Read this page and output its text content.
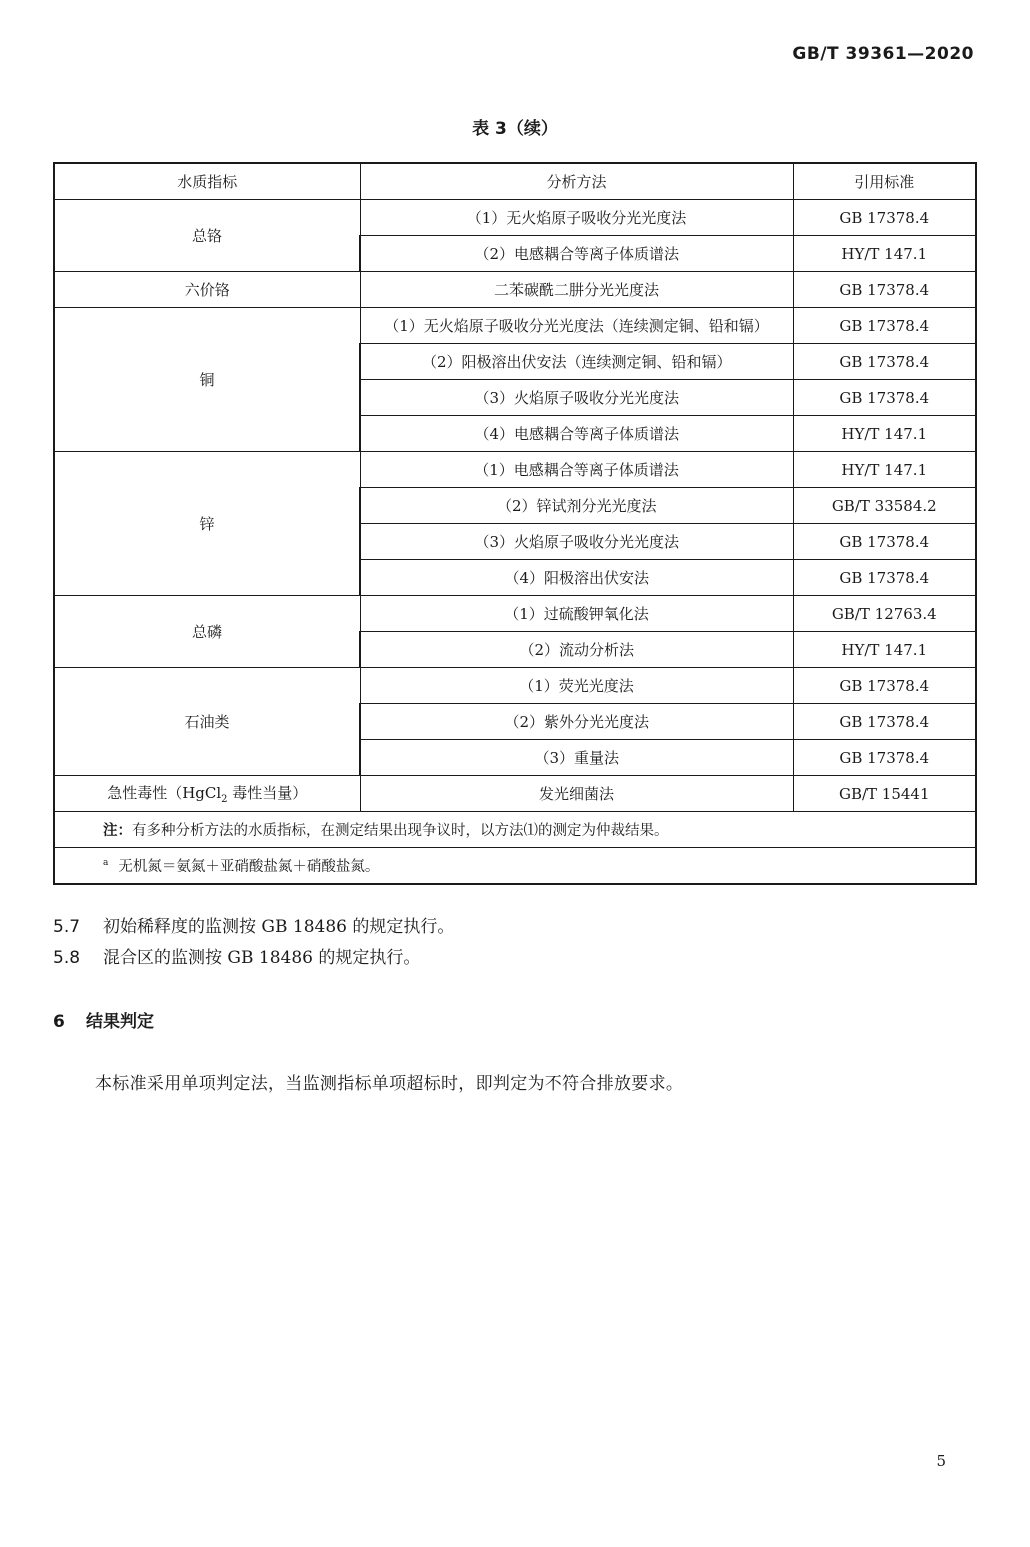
GB/T 39361—2020
表 3（续）
水质指标	分析方法	引用标准
总铬	（1）无火焰原子吸收分光光度法	GB 17378.4
	（2）电感耦合等离子体质谱法	HY/T 147.1
六价铬	二苯碳酰二肼分光光度法	GB 17378.4
铜	（1）无火焰原子吸收分光光度法（连续测定铜、铅和镉）	GB 17378.4
	（2）阳极溶出伏安法（连续测定铜、铅和镉）	GB 17378.4
	（3）火焰原子吸收分光光度法	GB 17378.4
	（4）电感耦合等离子体质谱法	HY/T 147.1
锌	（1）电感耦合等离子体质谱法	HY/T 147.1
	（2）锌试剂分光光度法	GB/T 33584.2
	（3）火焰原子吸收分光光度法	GB 17378.4
	（4）阳极溶出伏安法	GB 17378.4
总磷	（1）过硫酸钾氧化法	GB/T 12763.4
	（2）流动分析法	HY/T 147.1
石油类	（1）荧光光度法	GB 17378.4
	（2）紫外分光光度法	GB 17378.4
	（3）重量法	GB 17378.4
急性毒性（HgCl$_2$ 毒性当量）	发光细菌法	GB/T 15441
注：有多种分析方法的水质指标，在测定结果出现争议时，以方法⑴的测定为仲裁结果。		
$^a$ 无机氮＝氨氮＋亚硝酸盐氮＋硝酸盐氮。		
5.7 初始稀释度的监测按 GB 18486 的规定执行。
5.8 混合区的监测按 GB 18486 的规定执行。
6 结果判定
本标准采用单项判定法，当监测指标单项超标时，即判定为不符合排放要求。
5
